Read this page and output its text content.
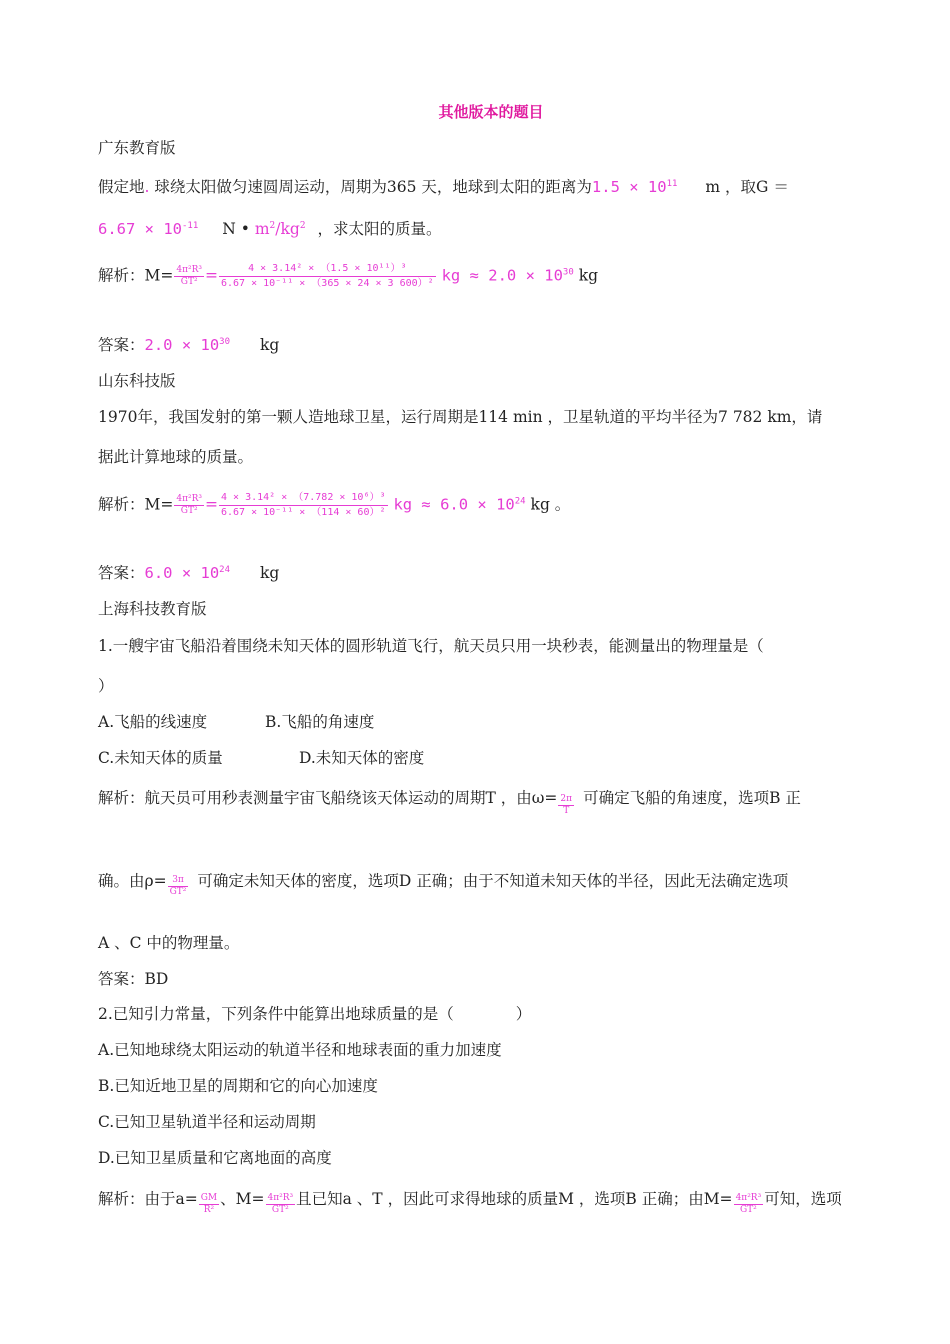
其他版本的题目
广东教育版
假定地. 球绕太阳做匀速圆周运动，周期为365 天，地球到太阳的距离为$1.5 \times 10^{11}$ m ，取G ＝
$6.67 \times 10^{-11}$ N • $m^2/kg^2$ ，求太阳的质量。
解析：$M= \frac{\text{4π²R³}}{\text{GT²}} = \frac{\text{4 × 3.14² × （1.5 × 10¹¹）³}}{\text{6.67 × 10⁻¹¹ × （365 × 24 × 3 600）²}}$ kg ≈ $2.0 \times 10^{30}$ kg
答案：$2.0 \times 10^{30}$ kg
山东科技版
1970年，我国发射的第一颗人造地球卫星，运行周期是114 min ，卫星轨道的平均半径为7 782 km，请
据此计算地球的质量。
解析：$M= \frac{\text{4π²R³}}{\text{GT²}} = \frac{\text{4 × 3.14² × （7.782 × 10⁶）³}}{\text{6.67 × 10⁻¹¹ × （114 × 60）²}}$ kg ≈ $6.0 \times 10^{24}$ kg 。
答案：$6.0 \times 10^{24}$ kg
上海科技教育版
1.一艘宇宙飞船沿着围绕未知天体的圆形轨道飞行，航天员只用一块秒表，能测量出的物理量是（
）
A.飞船的线速度	B.飞船的角速度
C.未知天体的质量	D.未知天体的密度
解析：航天员可用秒表测量宇宙飞船绕该天体运动的周期T ，由$\omega= \frac{2\pi}{T}$ 可确定飞船的角速度，选项B 正
确。由$\rho= \frac{3\pi}{\text{GT²}}$ 可确定未知天体的密度，选项D 正确；由于不知道未知天体的半径，因此无法确定选项
A 、C 中的物理量。
答案：BD
2.已知引力常量，下列条件中能算出地球质量的是（　　　　）
A.已知地球绕太阳运动的轨道半径和地球表面的重力加速度
B.已知近地卫星的周期和它的向心加速度
C.已知卫星轨道半径和运动周期
D.已知卫星质量和它离地面的高度
解析：由于$a= \frac{GM}{\text{R²}}$ 、$M= \frac{\text{4π²R³}}{\text{GT²}}$ 且已知a 、T ，因此可求得地球的质量M ，选项B 正确；由$M= \frac{\text{4π²R³}}{\text{GT²}}$ 可知，选项
